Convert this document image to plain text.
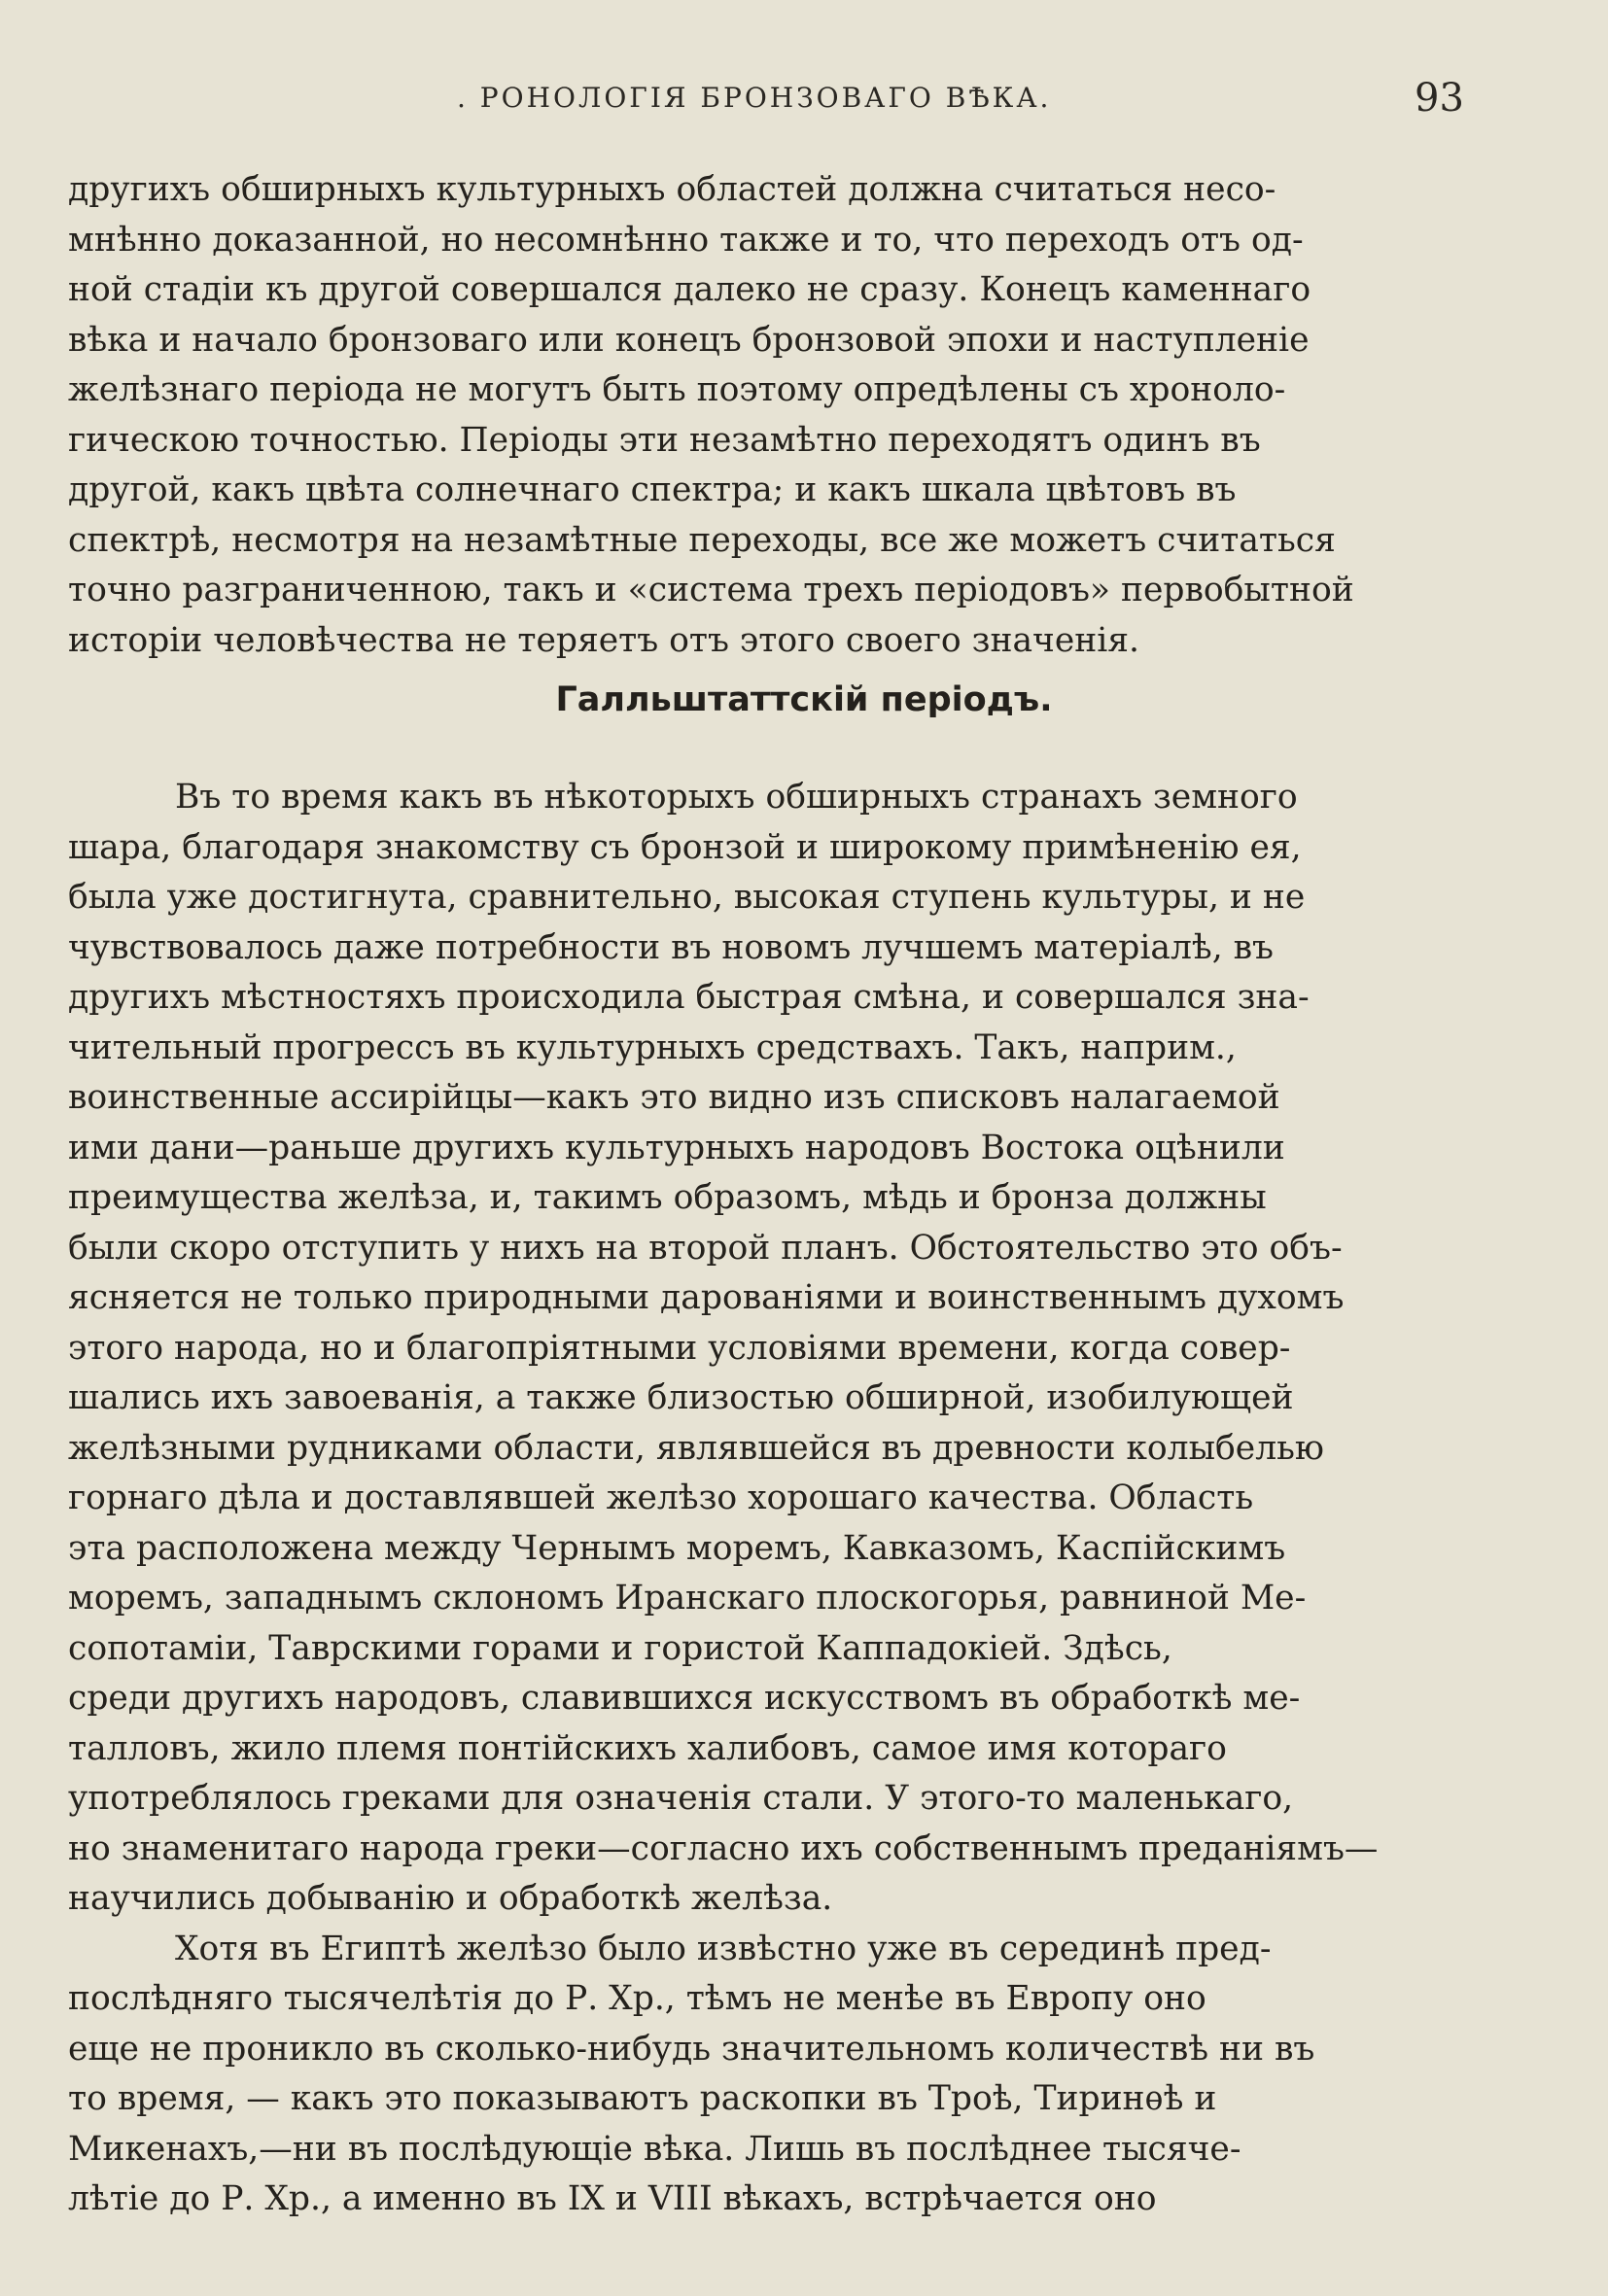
. РОНОЛОГІЯ БРОНЗОВАГО ВѢКА.	93
другихъ обширныхъ культурныхъ областей должна считаться несо-
мнѣнно доказанной, но несомнѣнно также и то, что переходъ отъ од-
ной стадіи къ другой совершался далеко не сразу. Конецъ каменнаго
вѣка и начало бронзоваго или конецъ бронзовой эпохи и наступленіе
желѣзнаго періода не могутъ быть поэтому опредѣлены съ хроноло-
гическою точностью. Періоды эти незамѣтно переходятъ одинъ въ
другой, какъ цвѣта солнечнаго спектра; и какъ шкала цвѣтовъ въ
спектрѣ, несмотря на незамѣтные переходы, все же можетъ считаться
точно разграниченною, такъ и «система трехъ періодовъ» первобытной
исторіи человѣчества не теряетъ отъ этого своего значенія.
Галльштаттскій періодъ.
Въ то время какъ въ нѣкоторыхъ обширныхъ странахъ земного
шара, благодаря знакомству съ бронзой и широкому примѣненію ея,
была уже достигнута, сравнительно, высокая ступень культуры, и не
чувствовалось даже потребности въ новомъ лучшемъ матеріалѣ, въ
другихъ мѣстностяхъ происходила быстрая смѣна, и совершался зна-
чительный прогрессъ въ культурныхъ средствахъ. Такъ, наприм.,
воинственные ассирійцы—какъ это видно изъ списковъ налагаемой
ими дани—раньше другихъ культурныхъ народовъ Востока оцѣнили
преимущества желѣза, и, такимъ образомъ, мѣдь и бронза должны
были скоро отступить у нихъ на второй планъ. Обстоятельство это объ-
ясняется не только природными дарованіями и воинственнымъ духомъ
этого народа, но и благопріятными условіями времени, когда совер-
шались ихъ завоеванія, а также близостью обширной, изобилующей
желѣзными рудниками области, являвшейся въ древности колыбелью
горнаго дѣла и доставлявшей желѣзо хорошаго качества. Область
эта расположена между Чернымъ моремъ, Кавказомъ, Каспійскимъ
моремъ, западнымъ склономъ Иранскаго плоскогорья, равниной Ме-
сопотаміи, Таврскими горами и гористой Каппадокіей. Здѣсь,
среди другихъ народовъ, славившихся искусствомъ въ обработкѣ ме-
талловъ, жило племя понтійскихъ халибовъ, самое имя котораго
употреблялось греками для означенія стали. У этого-то маленькаго,
но знаменитаго народа греки—согласно ихъ собственнымъ преданіямъ—
научились добыванію и обработкѣ желѣза.
Хотя въ Египтѣ желѣзо было извѣстно уже въ серединѣ пред-
послѣдняго тысячелѣтія до Р. Хр., тѣмъ не менѣе въ Европу оно
еще не проникло въ сколько-нибудь значительномъ количествѣ ни въ
то время, — какъ это показываютъ раскопки въ Троѣ, Тиринѳѣ и
Микенахъ,—ни въ послѣдующіе вѣка. Лишь въ послѣднее тысяче-
лѣтіе до Р. Хр., а именно въ IX и VIII вѣкахъ, встрѣчается оно
